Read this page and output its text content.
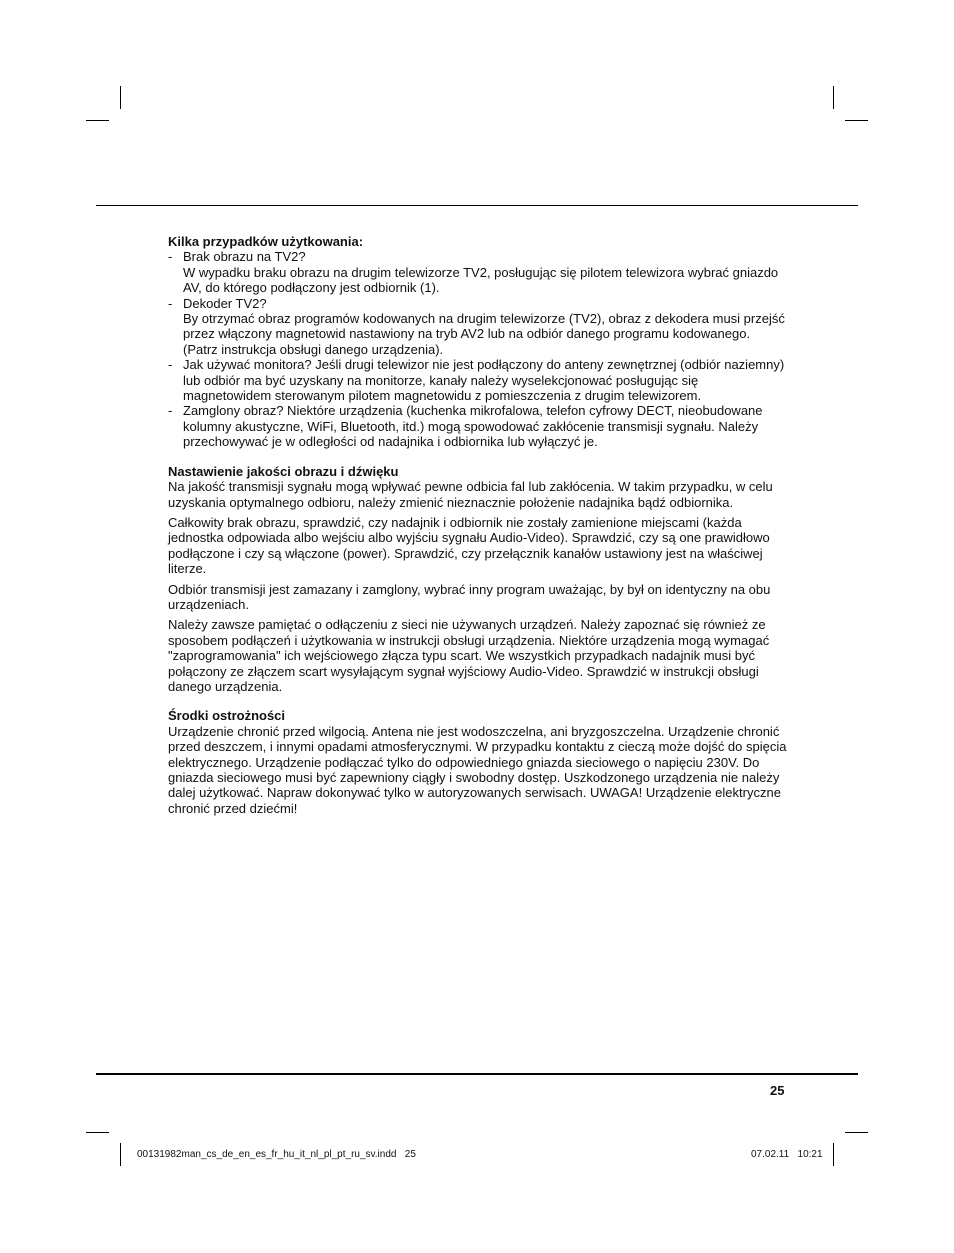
Kilka przypadków użytkowania:

- Brak obrazu na TV2?
W wypadku braku obrazu na drugim telewizorze TV2, posługując się pilotem telewizora wybrać gniazdo AV, do którego podłączony jest odbiornik (1).
- Dekoder TV2?
By otrzymać obraz programów kodowanych na drugim telewizorze (TV2), obraz z dekodera musi przejść przez włączony magnetowid nastawiony na tryb AV2 lub na odbiór danego programu kodowanego. (Patrz instrukcja obsługi danego urządzenia).
- Jak używać monitora? Jeśli drugi telewizor nie jest podłączony do anteny zewnętrznej (odbiór naziemny) lub odbiór ma być uzyskany na monitorze, kanały należy wyselekcjonować posługując się magnetowidem sterowanym pilotem magnetowidu z pomieszczenia z drugim telewizorem.
- Zamglony obraz? Niektóre urządzenia (kuchenka mikrofalowa, telefon cyfrowy DECT, nieobudowane kolumny akustyczne, WiFi, Bluetooth, itd.) mogą spowodować zakłócenie transmisji sygnału. Należy przechowywać je w odległości od nadajnika i odbiornika lub wyłączyć je.

Nastawienie jakości obrazu i dźwięku

Na jakość transmisji sygnału mogą wpływać pewne odbicia fal lub zakłócenia. W takim przypadku, w celu uzyskania optymalnego odbioru, należy zmienić nieznacznie położenie nadajnika bądź odbiornika.

Całkowity brak obrazu, sprawdzić, czy nadajnik i odbiornik nie zostały zamienione miejscami (każda jednostka odpowiada albo wejściu albo wyjściu sygnału Audio-Video). Sprawdzić, czy są one prawidłowo podłączone i czy są włączone (power). Sprawdzić, czy przełącznik kanałów ustawiony jest na właściwej literze.

Odbiór transmisji jest zamazany i zamglony, wybrać inny program uważając, by był on identyczny na obu urządzeniach.

Należy zawsze pamiętać o odłączeniu z sieci nie używanych urządzeń. Należy zapoznać się również ze sposobem podłączeń i użytkowania w instrukcji obsługi urządzenia. Niektóre urządzenia mogą wymagać "zaprogramowania" ich wejściowego złącza typu scart. We wszystkich przypadkach nadajnik musi być połączony ze złączem scart wysyłającym sygnał wyjściowy Audio-Video. Sprawdzić w instrukcji obsługi danego urządzenia.

Środki ostrożności

Urządzenie chronić przed wilgocią. Antena nie jest wodoszczelna, ani bryzgoszczelna. Urządzenie chronić przed deszczem, i innymi opadami atmosferycznymi. W przypadku kontaktu z cieczą może dojść do spięcia elektrycznego. Urządzenie podłączać tylko do odpowiedniego gniazda sieciowego o napięciu 230V. Do gniazda sieciowego musi być zapewniony ciągły i swobodny dostęp. Uszkodzonego urządzenia nie należy dalej użytkować. Napraw dokonywać tylko w autoryzowanych serwisach. UWAGA! Urządzenie elektryczne chronić przed dziećmi!

25
00131982man_cs_de_en_es_fr_hu_it_nl_pl_pt_ru_sv.indd   25	07.02.11   10:21
